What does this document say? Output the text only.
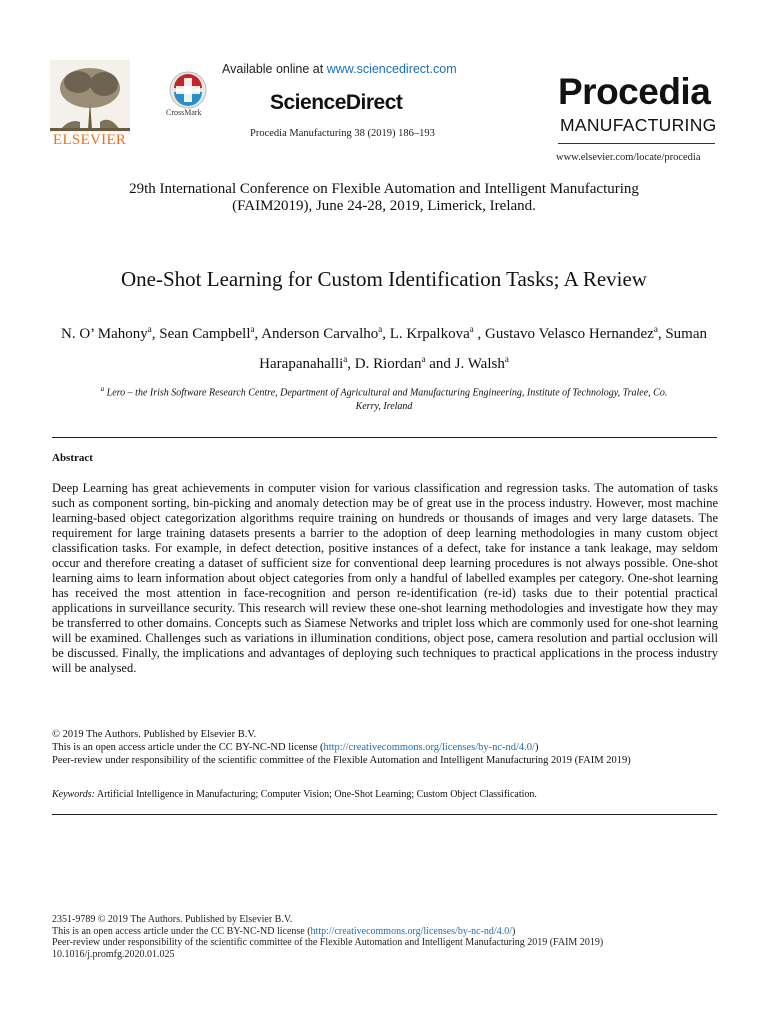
ELSEVIER
CrossMark
Available online at www.sciencedirect.com
ScienceDirect
Procedia Manufacturing 38 (2019) 186–193
Procedia
MANUFACTURING
www.elsevier.com/locate/procedia
29th International Conference on Flexible Automation and Intelligent Manufacturing
(FAIM2019), June 24-28, 2019, Limerick, Ireland.
One-Shot Learning for Custom Identification Tasks; A Review
N. O’ Mahony$^a$, Sean Campbell$^a$, Anderson Carvalho$^a$, L. Krpalkova$^a$ , Gustavo Velasco Hernandez$^a$, Suman Harapanahalli$^a$, D. Riordan$^a$ and J. Walsh$^a$
$^a$ Lero – the Irish Software Research Centre, Department of Agricultural and Manufacturing Engineering, Institute of Technology, Tralee, Co.
Kerry, Ireland
Abstract
Deep Learning has great achievements in computer vision for various classification and regression tasks. The automation of tasks such as component sorting, bin-picking and anomaly detection may be of great use in the process industry. However, most machine learning-based object categorization algorithms require training on hundreds or thousands of images and very large datasets. The requirement for large training datasets presents a barrier to the adoption of deep learning methodologies in many custom object classification tasks. For example, in defect detection, positive instances of a defect, take for instance a tank leakage, may seldom occur and therefore creating a dataset of sufficient size for conventional deep learning procedures is not always possible. One-shot learning aims to learn information about object categories from only a handful of labelled examples per category. One-shot learning has received the most attention in face-recognition and person re-identification (re-id) tasks due to their potential practical applications in surveillance security. This research will review these one-shot learning methodologies and investigate how they may be transferred to other domains. Concepts such as Siamese Networks and triplet loss which are commonly used for one-shot learning will be examined. Challenges such as variations in illumination conditions, object pose, camera resolution and partial occlusion will be discussed. Finally, the implications and advantages of deploying such techniques to practical applications in the process industry will be analysed.
© 2019 The Authors. Published by Elsevier B.V.
This is an open access article under the CC BY-NC-ND license (http://creativecommons.org/licenses/by-nc-nd/4.0/)
Peer-review under responsibility of the scientific committee of the Flexible Automation and Intelligent Manufacturing 2019 (FAIM 2019)
Keywords: Artificial Intelligence in Manufacturing; Computer Vision; One-Shot Learning; Custom Object Classification.
2351-9789 © 2019 The Authors. Published by Elsevier B.V.
This is an open access article under the CC BY-NC-ND license (http://creativecommons.org/licenses/by-nc-nd/4.0/)
Peer-review under responsibility of the scientific committee of the Flexible Automation and Intelligent Manufacturing 2019 (FAIM 2019)
10.1016/j.promfg.2020.01.025
